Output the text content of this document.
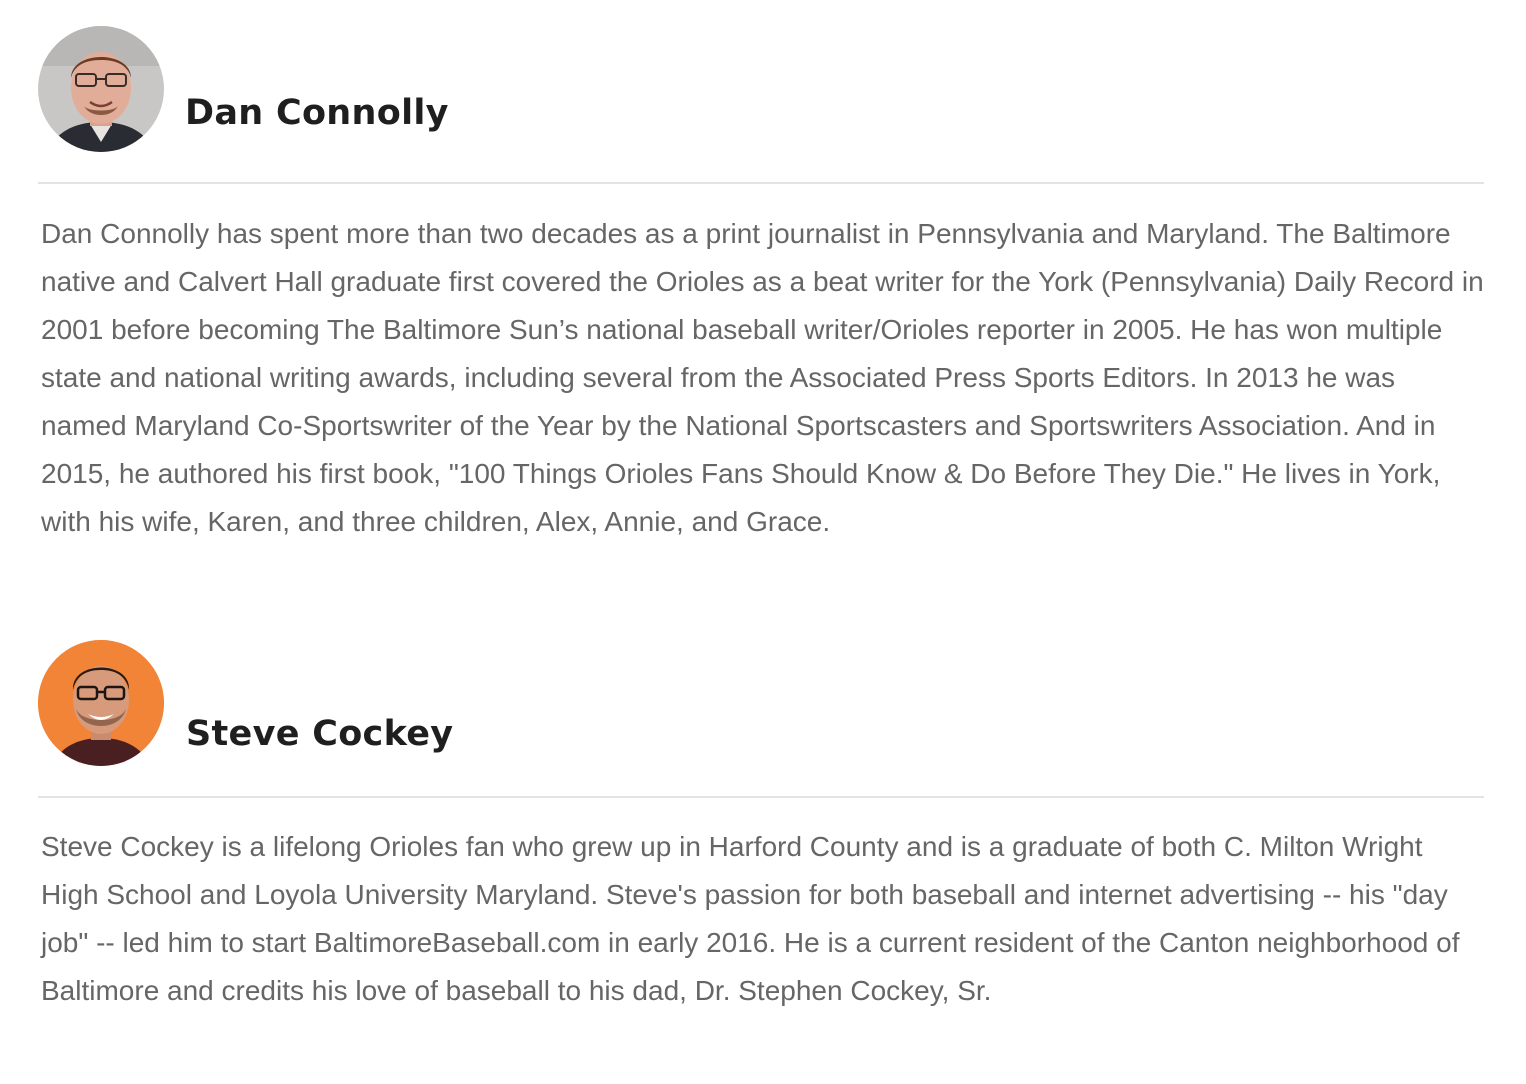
Dan Connolly

Dan Connolly has spent more than two decades as a print journalist in Pennsylvania and Maryland. The Baltimore native and Calvert Hall graduate first covered the Orioles as a beat writer for the York (Pennsylvania) Daily Record in 2001 before becoming The Baltimore Sun’s national baseball writer/Orioles reporter in 2005. He has won multiple state and national writing awards, including several from the Associated Press Sports Editors. In 2013 he was named Maryland Co-Sportswriter of the Year by the National Sportscasters and Sportswriters Association. And in 2015, he authored his first book, "100 Things Orioles Fans Should Know & Do Before They Die." He lives in York, with his wife, Karen, and three children, Alex, Annie, and Grace.

Steve Cockey

Steve Cockey is a lifelong Orioles fan who grew up in Harford County and is a graduate of both C. Milton Wright High School and Loyola University Maryland. Steve's passion for both baseball and internet advertising -- his "day job" -- led him to start BaltimoreBaseball.com in early 2016. He is a current resident of the Canton neighborhood of Baltimore and credits his love of baseball to his dad, Dr. Stephen Cockey, Sr.
